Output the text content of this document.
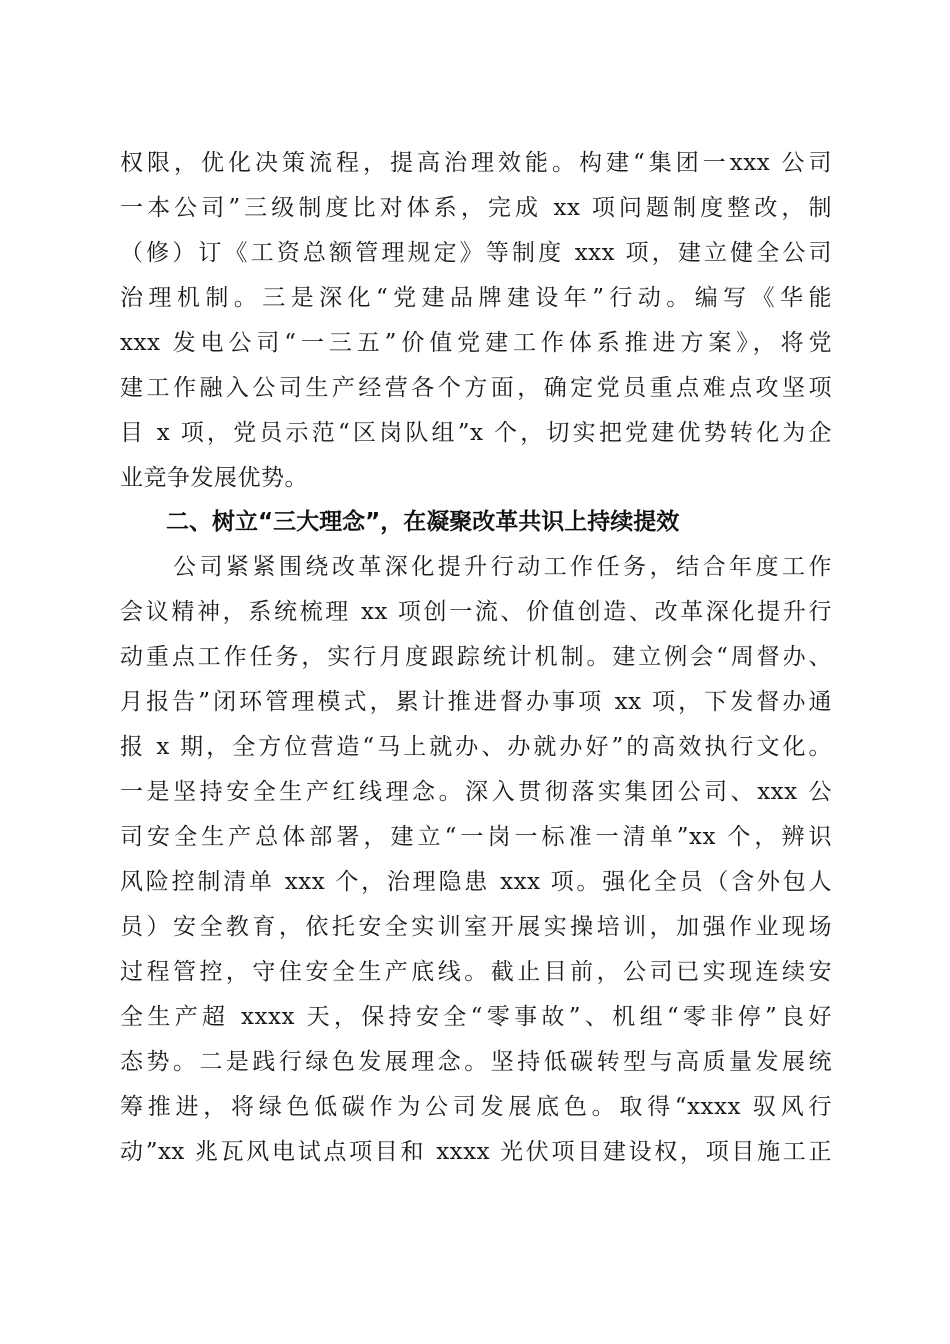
权限，优化决策流程，提高治理效能。构建“集团一xxx 公司
一本公司”三级制度比对体系，完成 xx 项问题制度整改，制
（修）订《工资总额管理规定》等制度 xxx 项，建立健全公司
治理机制。三是深化“党建品牌建设年”行动。编写《华能
xxx 发电公司“一三五”价值党建工作体系推进方案》，将党
建工作融入公司生产经营各个方面，确定党员重点难点攻坚项
目 x 项，党员示范“区岗队组”x 个，切实把党建优势转化为企
业竞争发展优势。
二、树立“三大理念”，在凝聚改革共识上持续提效
　　公司紧紧围绕改革深化提升行动工作任务，结合年度工作
会议精神，系统梳理 xx 项创一流、价值创造、改革深化提升行
动重点工作任务，实行月度跟踪统计机制。建立例会“周督办、
月报告”闭环管理模式，累计推进督办事项 xx 项，下发督办通
报 x 期，全方位营造“马上就办、办就办好”的高效执行文化。
一是坚持安全生产红线理念。深入贯彻落实集团公司、xxx 公
司安全生产总体部署，建立“一岗一标准一清单”xx 个，辨识
风险控制清单 xxx 个，治理隐患 xxx 项。强化全员（含外包人
员）安全教育，依托安全实训室开展实操培训，加强作业现场
过程管控，守住安全生产底线。截止目前，公司已实现连续安
全生产超 xxxx 天，保持安全“零事故”、机组“零非停”良好
态势。二是践行绿色发展理念。坚持低碳转型与高质量发展统
筹推进，将绿色低碳作为公司发展底色。取得“xxxx 驭风行
动”xx 兆瓦风电试点项目和 xxxx 光伏项目建设权，项目施工正
